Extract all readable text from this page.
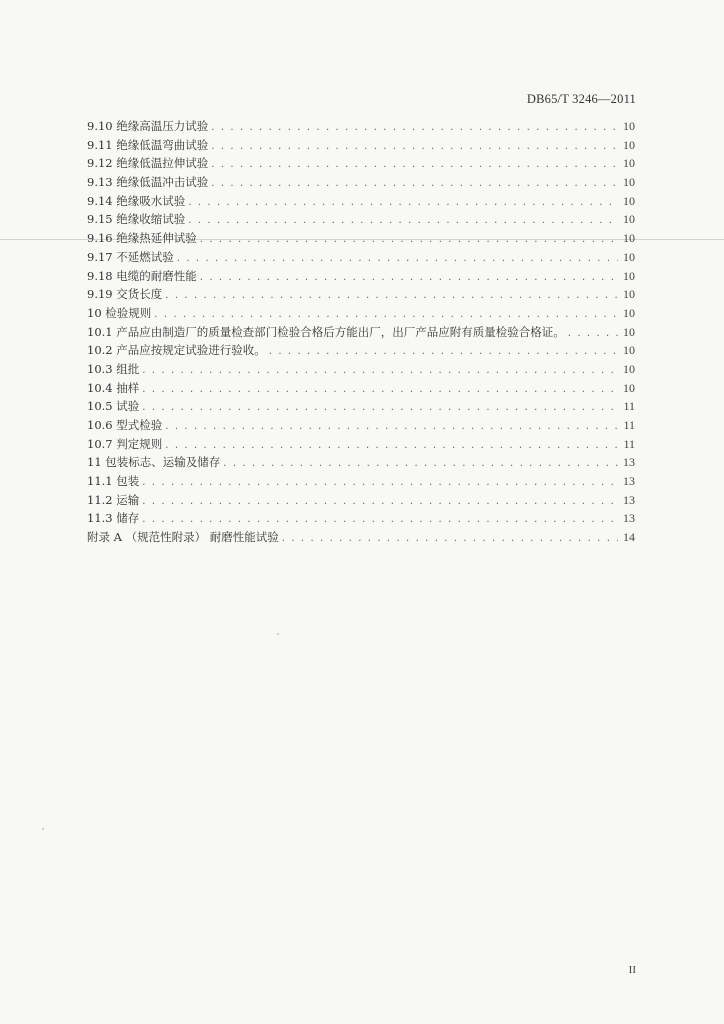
DB65/T 3246—2011
9.10 绝缘高温压力试验 . . .	10
9.11 绝缘低温弯曲试验 . . .	10
9.12 绝缘低温拉伸试验 . . .	10
9.13 绝缘低温冲击试验 . . .	10
9.14 绝缘吸水试验 . . .	10
9.15 绝缘收缩试验 . . .	10
9.16 绝缘热延伸试验 . . .	10
9.17 不延燃试验 . . .	10
9.18 电缆的耐磨性能 . . .	10
9.19 交货长度 . . .	10
10 检验规则 . . .	10
10.1 产品应由制造厂的质量检查部门检验合格后方能出厂，出厂产品应附有质量检验合格证。 . . .	10
10.2 产品应按规定试验进行验收。 . . .	10
10.3 组批 . . .	10
10.4 抽样 . . .	10
10.5 试验 . . .	11
10.6 型式检验 . . .	11
10.7 判定规则 . . .	11
11 包装标志、运输及储存 . . .	13
11.1 包装 . . .	13
11.2 运输 . . .	13
11.3 储存 . . .	13
附录 A （规范性附录） 耐磨性能试验 . . .	14
II
